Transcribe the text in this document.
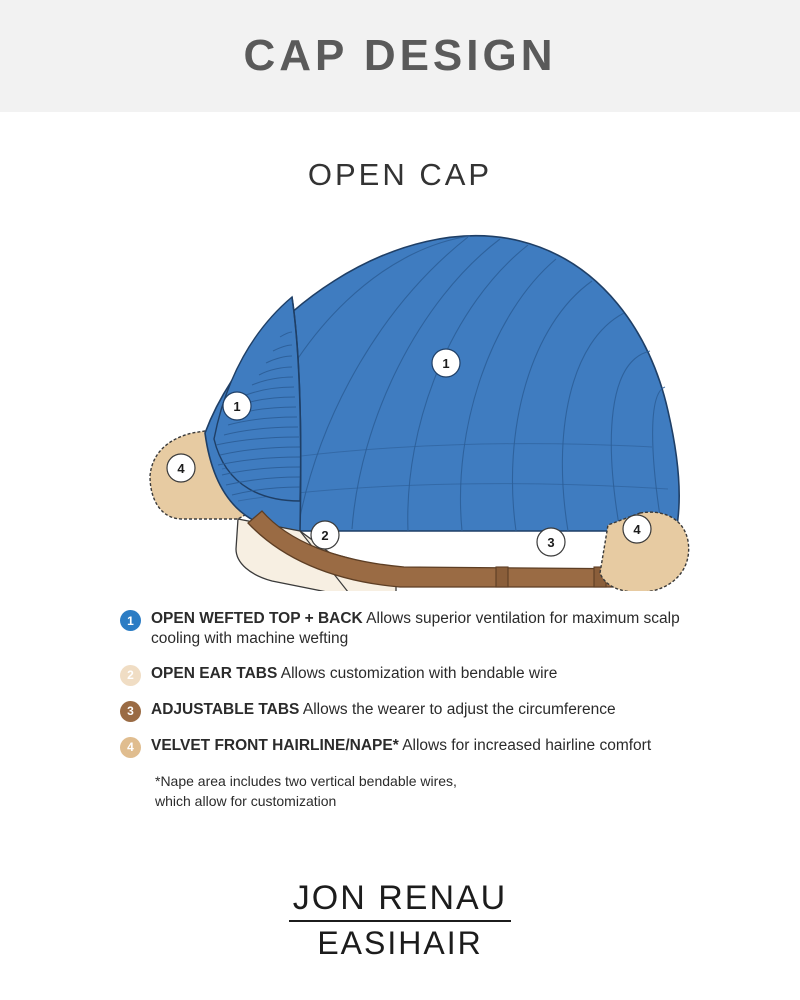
CAP DESIGN
OPEN CAP
1
1
4
2	3
4
1	OPEN WEFTED TOP + BACK Allows superior ventilation for maximum scalp cooling with machine wefting
2	OPEN EAR TABS Allows customization with bendable wire
3	ADJUSTABLE TABS Allows the wearer to adjust the circumference
4	VELVET FRONT HAIRLINE/NAPE* Allows for increased hairline comfort
*Nape area includes two vertical bendable wires,
which allow for customization
JON RENAU
EASIHAIR
